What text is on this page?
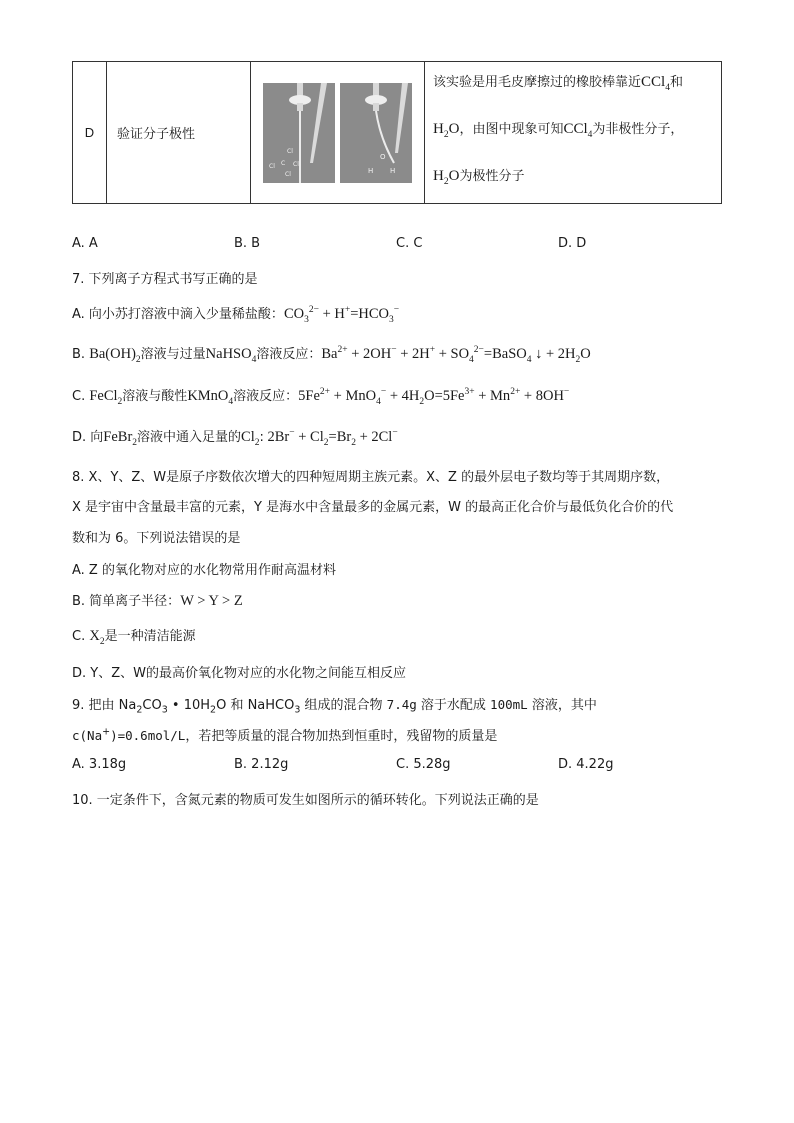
D	验证分子极性	
Cl
Cl C Cl
Cl
O
H H

该实验是用毛皮摩擦过的橡胶棒靠近CCl$_4$和
$H_2O$，由图中现象可知CCl$_4$为非极性分子，
$H_2O$为极性分子
A. A	B. B	C. C	D. D
7. 下列离子方程式书写正确的是
A. 向小苏打溶液中滴入少量稀盐酸：$CO_3^{2-} + H^+=HCO_3^-$
B. $Ba(OH)_2$溶液与过量NaHSO$_4$溶液反应：$Ba^{2+} + 2OH^- + 2H^+$ + $SO_4^{2-}=BaSO_4$ ↓ + $2H_2O$
C. FeCl$_2$溶液与酸性KMnO$_4$溶液反应：$5Fe^{2+} + MnO_4^- + 4H_2O=5Fe^{3+} + Mn^{2+} + 8OH^-$
D. 向FeBr$_2$溶液中通入足量的$Cl_2$: $2Br^- + Cl_2=Br_2 + 2Cl^-$
8. X、Y、Z、W是原子序数依次增大的四种短周期主族元素。X、Z 的最外层电子数均等于其周期序数，
X 是宇宙中含量最丰富的元素，Y 是海水中含量最多的金属元素，W 的最高正化合价与最低负化合价的代
数和为 6。下列说法错误的是
A. Z 的氧化物对应的水化物常用作耐高温材料
B. 简单离子半径：W > Y > Z
C. $X_2$是一种清洁能源
D. Y、Z、W的最高价氧化物对应的水化物之间能互相反应
9. 把由 $Na_2CO_3$ • $10H_2O$ 和 NaHCO$_3$ 组成的混合物 7.4g 溶于水配成 100mL 溶液，其中
c(Na+)=0.6mol/L，若把等质量的混合物加热到恒重时，残留物的质量是
A. 3.18g	B. 2.12g	C. 5.28g	D. 4.22g
10. 一定条件下，含氮元素的物质可发生如图所示的循环转化。下列说法正确的是
